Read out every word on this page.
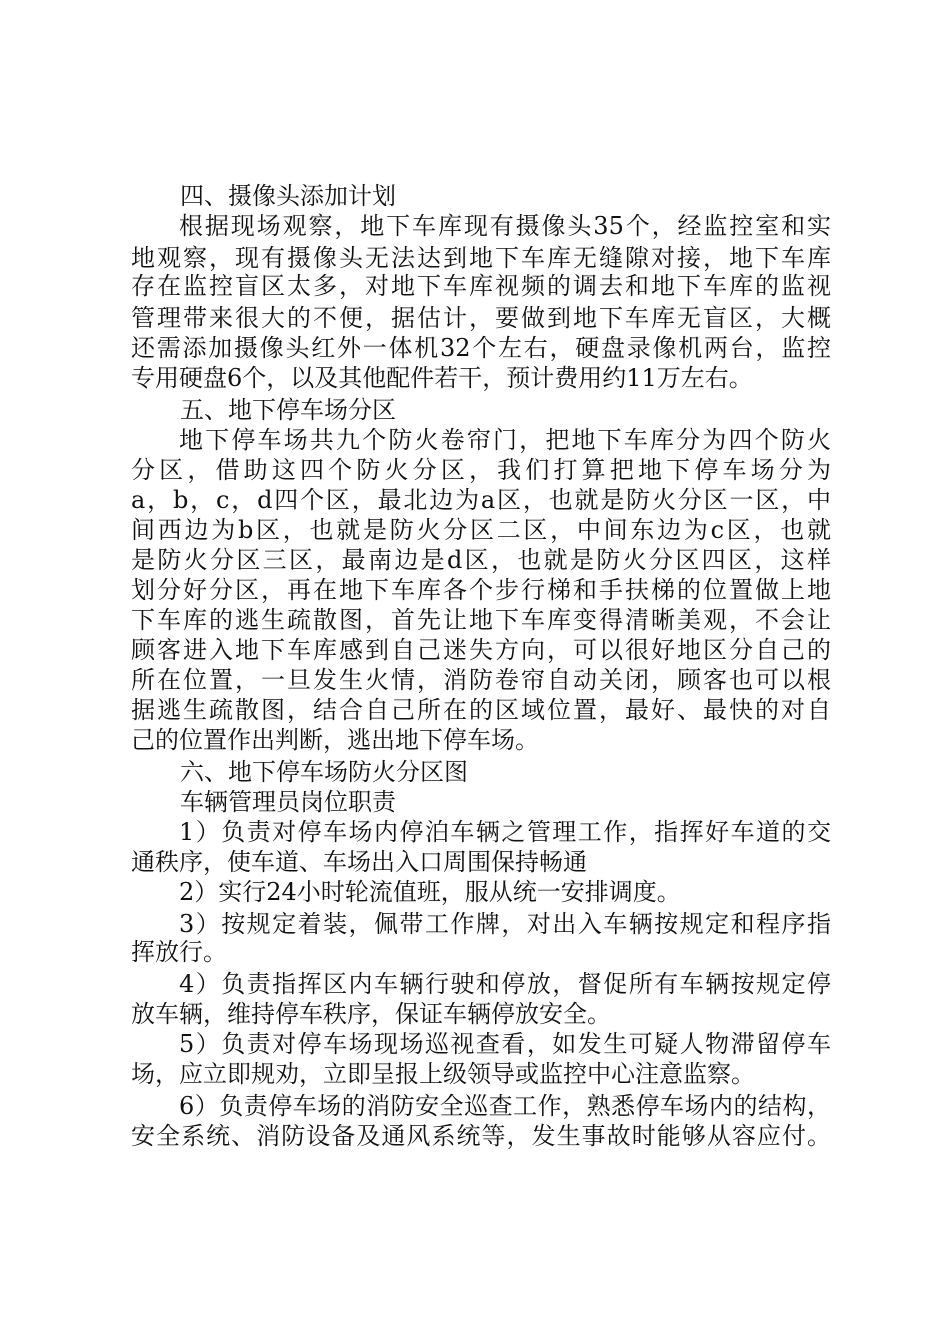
四、摄像头添加计划
根据现场观察，地下车库现有摄像头35个，经监控室和实
地观察，现有摄像头无法达到地下车库无缝隙对接，地下车库
存在监控盲区太多，对地下车库视频的调去和地下车库的监视
管理带来很大的不便，据估计，要做到地下车库无盲区，大概
还需添加摄像头红外一体机32个左右，硬盘录像机两台，监控
专用硬盘6个，以及其他配件若干，预计费用约11万左右。
五、地下停车场分区
地下停车场共九个防火卷帘门，把地下车库分为四个防火
分区，借助这四个防火分区，我们打算把地下停车场分为
a，b，c，d四个区，最北边为a区，也就是防火分区一区，中
间西边为b区，也就是防火分区二区，中间东边为c区，也就
是防火分区三区，最南边是d区，也就是防火分区四区，这样
划分好分区，再在地下车库各个步行梯和手扶梯的位置做上地
下车库的逃生疏散图，首先让地下车库变得清晰美观，不会让
顾客进入地下车库感到自己迷失方向，可以很好地区分自己的
所在位置，一旦发生火情，消防卷帘自动关闭，顾客也可以根
据逃生疏散图，结合自己所在的区域位置，最好、最快的对自
己的位置作出判断，逃出地下停车场。
六、地下停车场防火分区图
车辆管理员岗位职责
1）负责对停车场内停泊车辆之管理工作，指挥好车道的交
通秩序，使车道、车场出入口周围保持畅通
2）实行24小时轮流值班，服从统一安排调度。
3）按规定着装，佩带工作牌，对出入车辆按规定和程序指
挥放行。
4）负责指挥区内车辆行驶和停放，督促所有车辆按规定停
放车辆，维持停车秩序，保证车辆停放安全。
5）负责对停车场现场巡视查看，如发生可疑人物滞留停车
场，应立即规劝，立即呈报上级领导或监控中心注意监察。
6）负责停车场的消防安全巡查工作，熟悉停车场内的结构，
安全系统、消防设备及通风系统等，发生事故时能够从容应付。
